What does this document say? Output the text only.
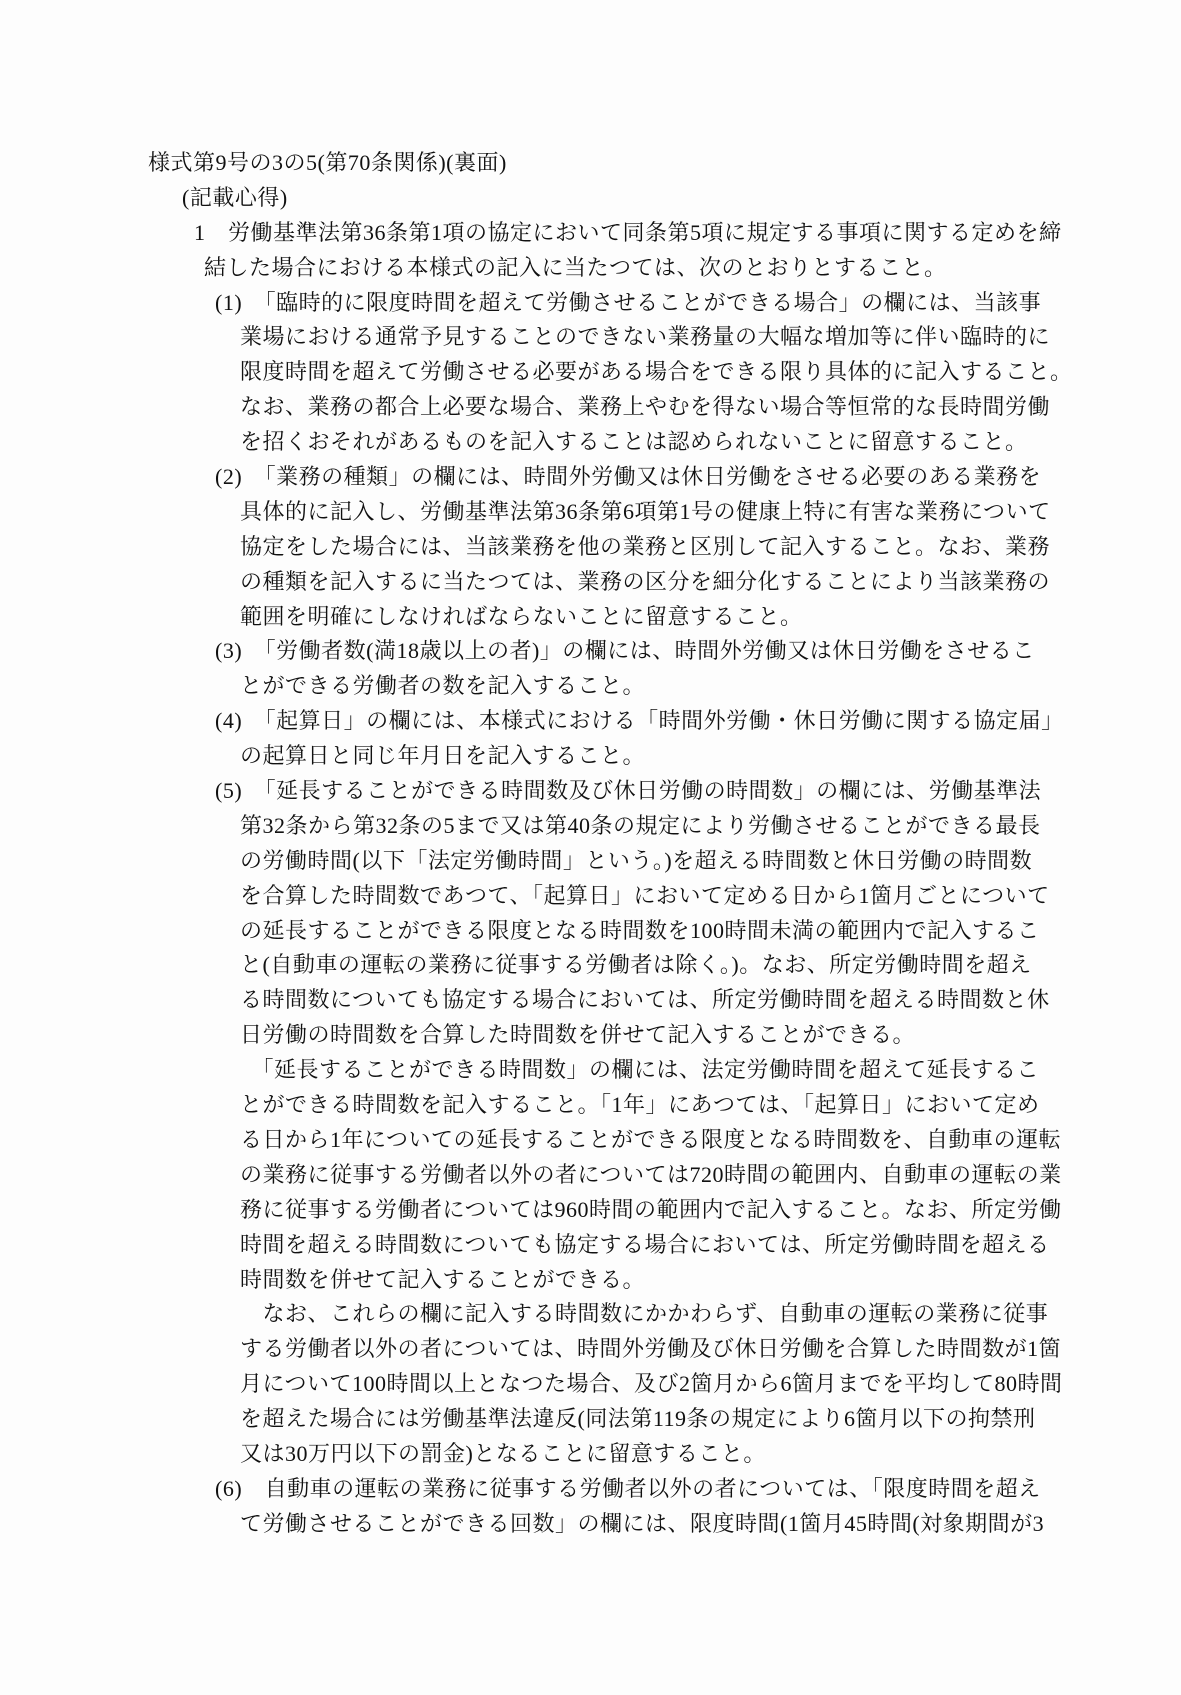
様式第9号の3の5(第70条関係)(裏面)
(記載心得)
1　労働基準法第36条第1項の協定において同条第5項に規定する事項に関する定めを締
結した場合における本様式の記入に当たつては、次のとおりとすること。
(1)　「臨時的に限度時間を超えて労働させることができる場合」の欄には、当該事
業場における通常予見することのできない業務量の大幅な増加等に伴い臨時的に
限度時間を超えて労働させる必要がある場合をできる限り具体的に記入すること。
なお、業務の都合上必要な場合、業務上やむを得ない場合等恒常的な長時間労働
を招くおそれがあるものを記入することは認められないことに留意すること。
(2)　「業務の種類」の欄には、時間外労働又は休日労働をさせる必要のある業務を
具体的に記入し、労働基準法第36条第6項第1号の健康上特に有害な業務について
協定をした場合には、当該業務を他の業務と区別して記入すること。なお、業務
の種類を記入するに当たつては、業務の区分を細分化することにより当該業務の
範囲を明確にしなければならないことに留意すること。
(3)　「労働者数(満18歳以上の者)」の欄には、時間外労働又は休日労働をさせるこ
とができる労働者の数を記入すること。
(4)　「起算日」の欄には、本様式における「時間外労働・休日労働に関する協定届」
の起算日と同じ年月日を記入すること。
(5)　「延長することができる時間数及び休日労働の時間数」の欄には、労働基準法
第32条から第32条の5まで又は第40条の規定により労働させることができる最長
の労働時間(以下「法定労働時間」という。)を超える時間数と休日労働の時間数
を合算した時間数であつて、「起算日」において定める日から1箇月ごとについて
の延長することができる限度となる時間数を100時間未満の範囲内で記入するこ
と(自動車の運転の業務に従事する労働者は除く。)。なお、所定労働時間を超え
る時間数についても協定する場合においては、所定労働時間を超える時間数と休
日労働の時間数を合算した時間数を併せて記入することができる。
　「延長することができる時間数」の欄には、法定労働時間を超えて延長するこ
とができる時間数を記入すること。「1年」にあつては、「起算日」において定め
る日から1年についての延長することができる限度となる時間数を、自動車の運転
の業務に従事する労働者以外の者については720時間の範囲内、自動車の運転の業
務に従事する労働者については960時間の範囲内で記入すること。なお、所定労働
時間を超える時間数についても協定する場合においては、所定労働時間を超える
時間数を併せて記入することができる。
　なお、これらの欄に記入する時間数にかかわらず、自動車の運転の業務に従事
する労働者以外の者については、時間外労働及び休日労働を合算した時間数が1箇
月について100時間以上となつた場合、及び2箇月から6箇月までを平均して80時間
を超えた場合には労働基準法違反(同法第119条の規定により6箇月以下の拘禁刑
又は30万円以下の罰金)となることに留意すること。
(6)　自動車の運転の業務に従事する労働者以外の者については、「限度時間を超え
て労働させることができる回数」の欄には、限度時間(1箇月45時間(対象期間が3
